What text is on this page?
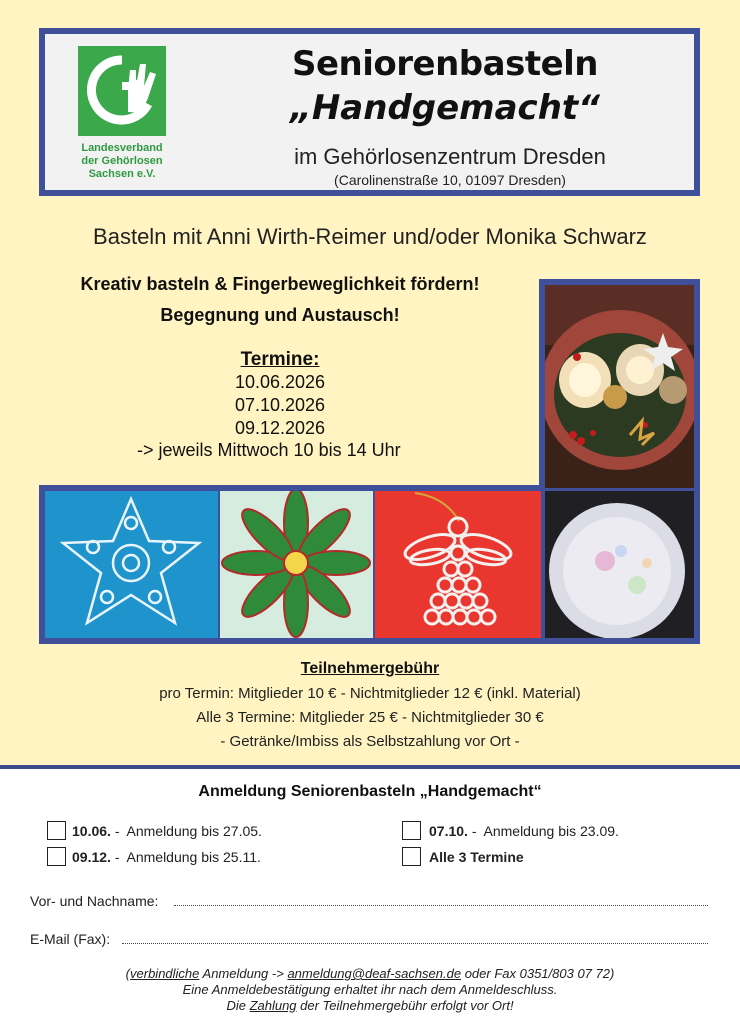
Landesverband
der Gehörlosen
Sachsen e.V.
Seniorenbasteln
„Handgemacht“
im Gehörlosenzentrum Dresden
(Carolinenstraße 10, 01097 Dresden)
Basteln mit Anni Wirth-Reimer und/oder Monika Schwarz
Kreativ basteln & Fingerbeweglichkeit fördern!
Begegnung und Austausch!
Termine:
10.06.2026
07.10.2026
09.12.2026
-> jeweils Mittwoch 10 bis 14 Uhr
Teilnehmergebühr
pro Termin: Mitglieder 10 € - Nichtmitglieder 12 € (inkl. Material)
Alle 3 Termine: Mitglieder 25 € - Nichtmitglieder 30 €
- Getränke/Imbiss als Selbstzahlung vor Ort -
Anmeldung Seniorenbasteln „Handgemacht“
10.06. -  Anmeldung bis 27.05.	07.10. -  Anmeldung bis 23.09.
09.12. -  Anmeldung bis 25.11.	Alle 3 Termine
Vor- und Nachname:
E-Mail (Fax):
(verbindliche Anmeldung -> anmeldung@deaf-sachsen.de oder Fax 0351/803 07 72)
Eine Anmeldebestätigung erhaltet ihr nach dem Anmeldeschluss.
Die Zahlung der Teilnehmergebühr erfolgt vor Ort!
